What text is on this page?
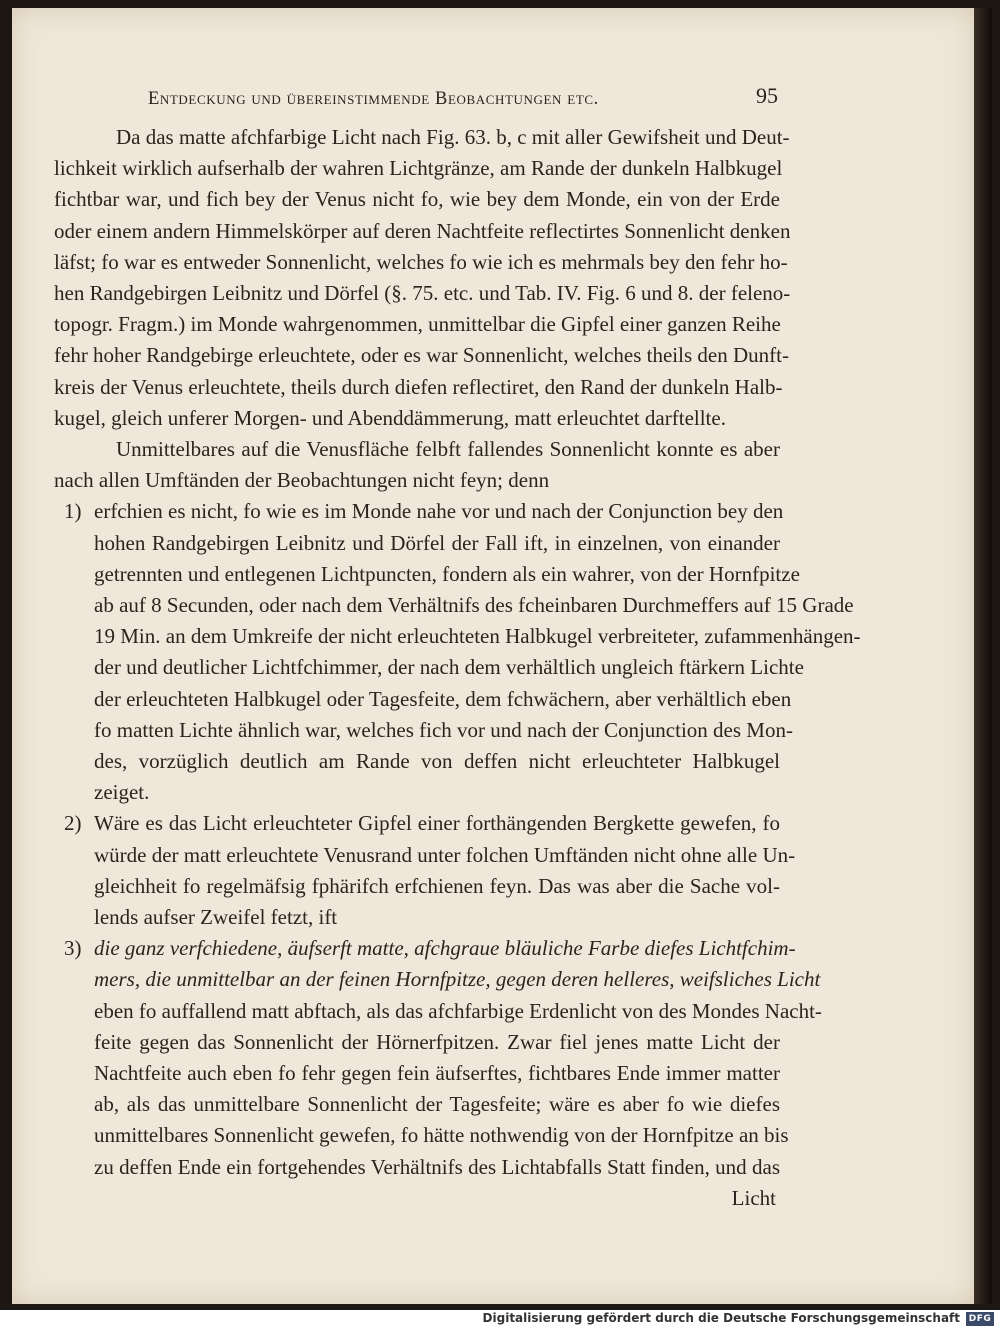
Entdeckung und übereinstimmende Beobachtungen etc.	95
Da das matte afchfarbige Licht nach Fig. 63. b, c mit aller Gewifsheit und Deut-
lichkeit wirklich aufserhalb der wahren Lichtgränze, am Rande der dunkeln Halbkugel
fichtbar war, und fich bey der Venus nicht fo, wie bey dem Monde, ein von der Erde
oder einem andern Himmelskörper auf deren Nachtfeite reflectirtes Sonnenlicht denken
läfst; fo war es entweder Sonnenlicht, welches fo wie ich es mehrmals bey den fehr ho-
hen Randgebirgen Leibnitz und Dörfel (§. 75. etc. und Tab. IV. Fig. 6 und 8. der feleno-
topogr. Fragm.) im Monde wahrgenommen, unmittelbar die Gipfel einer ganzen Reihe
fehr hoher Randgebirge erleuchtete, oder es war Sonnenlicht, welches theils den Dunft-
kreis der Venus erleuchtete, theils durch diefen reflectiret, den Rand der dunkeln Halb-
kugel, gleich unferer Morgen- und Abenddämmerung, matt erleuchtet darftellte.
Unmittelbares auf die Venusfläche felbft fallendes Sonnenlicht konnte es aber
nach allen Umftänden der Beobachtungen nicht feyn; denn
1) erfchien es nicht, fo wie es im Monde nahe vor und nach der Conjunction bey den
hohen Randgebirgen Leibnitz und Dörfel der Fall ift, in einzelnen, von einander
getrennten und entlegenen Lichtpuncten, fondern als ein wahrer, von der Hornfpitze
ab auf 8 Secunden, oder nach dem Verhältnifs des fcheinbaren Durchmeffers auf 15 Grade
19 Min. an dem Umkreife der nicht erleuchteten Halbkugel verbreiteter, zufammenhängen-
der und deutlicher Lichtfchimmer, der nach dem verhältlich ungleich ftärkern Lichte
der erleuchteten Halbkugel oder Tagesfeite, dem fchwächern, aber verhältlich eben
fo matten Lichte ähnlich war, welches fich vor und nach der Conjunction des Mon-
des, vorzüglich deutlich am Rande von deffen nicht erleuchteter Halbkugel
zeiget.
2) Wäre es das Licht erleuchteter Gipfel einer forthängenden Bergkette gewefen, fo
würde der matt erleuchtete Venusrand unter folchen Umftänden nicht ohne alle Un-
gleichheit fo regelmäfsig fphärifch erfchienen feyn. Das was aber die Sache vol-
lends aufser Zweifel fetzt, ift
3) die ganz verfchiedene, äufserft matte, afchgraue bläuliche Farbe diefes Lichtfchim-
mers, die unmittelbar an der feinen Hornfpitze, gegen deren helleres, weifsliches Licht
eben fo auffallend matt abftach, als das afchfarbige Erdenlicht von des Mondes Nacht-
feite gegen das Sonnenlicht der Hörnerfpitzen. Zwar fiel jenes matte Licht der
Nachtfeite auch eben fo fehr gegen fein äufserftes, fichtbares Ende immer matter
ab, als das unmittelbare Sonnenlicht der Tagesfeite; wäre es aber fo wie diefes
unmittelbares Sonnenlicht gewefen, fo hätte nothwendig von der Hornfpitze an bis
zu deffen Ende ein fortgehendes Verhältnifs des Lichtabfalls Statt finden, und das
Licht
Digitalisierung gefördert durch die Deutsche Forschungsgemeinschaft DFG
